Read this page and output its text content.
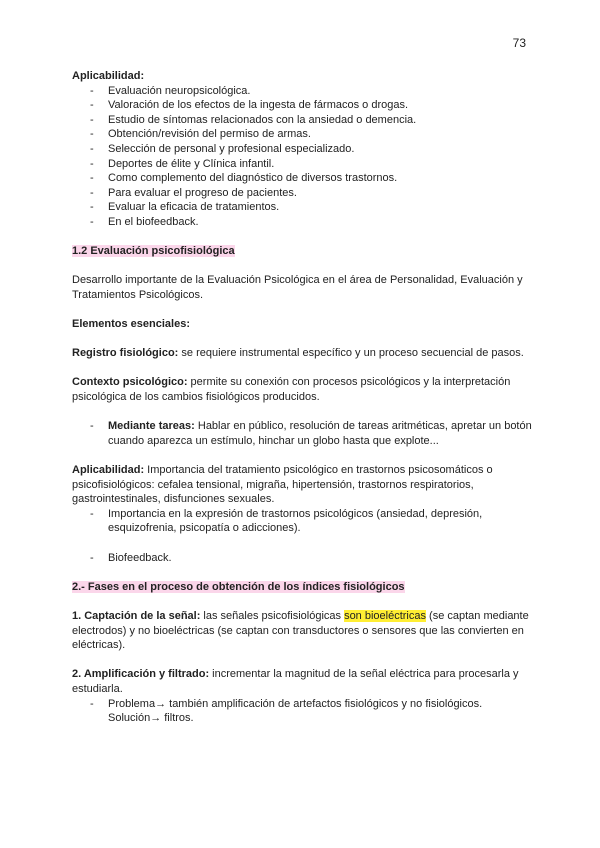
73

Aplicabilidad:

- Evaluación neuropsicológica.
- Valoración de los efectos de la ingesta de fármacos o drogas.
- Estudio de síntomas relacionados con la ansiedad o demencia.
- Obtención/revisión del permiso de armas.
- Selección de personal y profesional especializado.
- Deportes de élite y Clínica infantil.
- Como complemento del diagnóstico de diversos trastornos.
- Para evaluar el progreso de pacientes.
- Evaluar la eficacia de tratamientos.
- En el biofeedback.

1.2 Evaluación psicofisiológica

Desarrollo importante de la Evaluación Psicológica en el área de Personalidad, Evaluación y Tratamientos Psicológicos.

Elementos esenciales:

Registro fisiológico: se requiere instrumental específico y un proceso secuencial de pasos.

Contexto psicológico: permite su conexión con procesos psicológicos y la interpretación psicológica de los cambios fisiológicos producidos.

- Mediante tareas: Hablar en público, resolución de tareas aritméticas, apretar un botón cuando aparezca un estímulo, hinchar un globo hasta que explote...

Aplicabilidad: Importancia del tratamiento psicológico en trastornos psicosomáticos o psicofisiológicos: cefalea tensional, migraña, hipertensión, trastornos respiratorios, gastrointestinales, disfunciones sexuales.

- Importancia en la expresión de trastornos psicológicos (ansiedad, depresión, esquizofrenia, psicopatía o adicciones).
- Biofeedback.

2.- Fases en el proceso de obtención de los índices fisiológicos

1. Captación de la señal: las señales psicofisiológicas son bioeléctricas (se captan mediante electrodos) y no bioeléctricas (se captan con transductores o sensores que las convierten en eléctricas).

2. Amplificación y filtrado: incrementar la magnitud de la señal eléctrica para procesarla y estudiarla.

- Problema→ también amplificación de artefactos fisiológicos y no fisiológicos.
Solución→ filtros.
